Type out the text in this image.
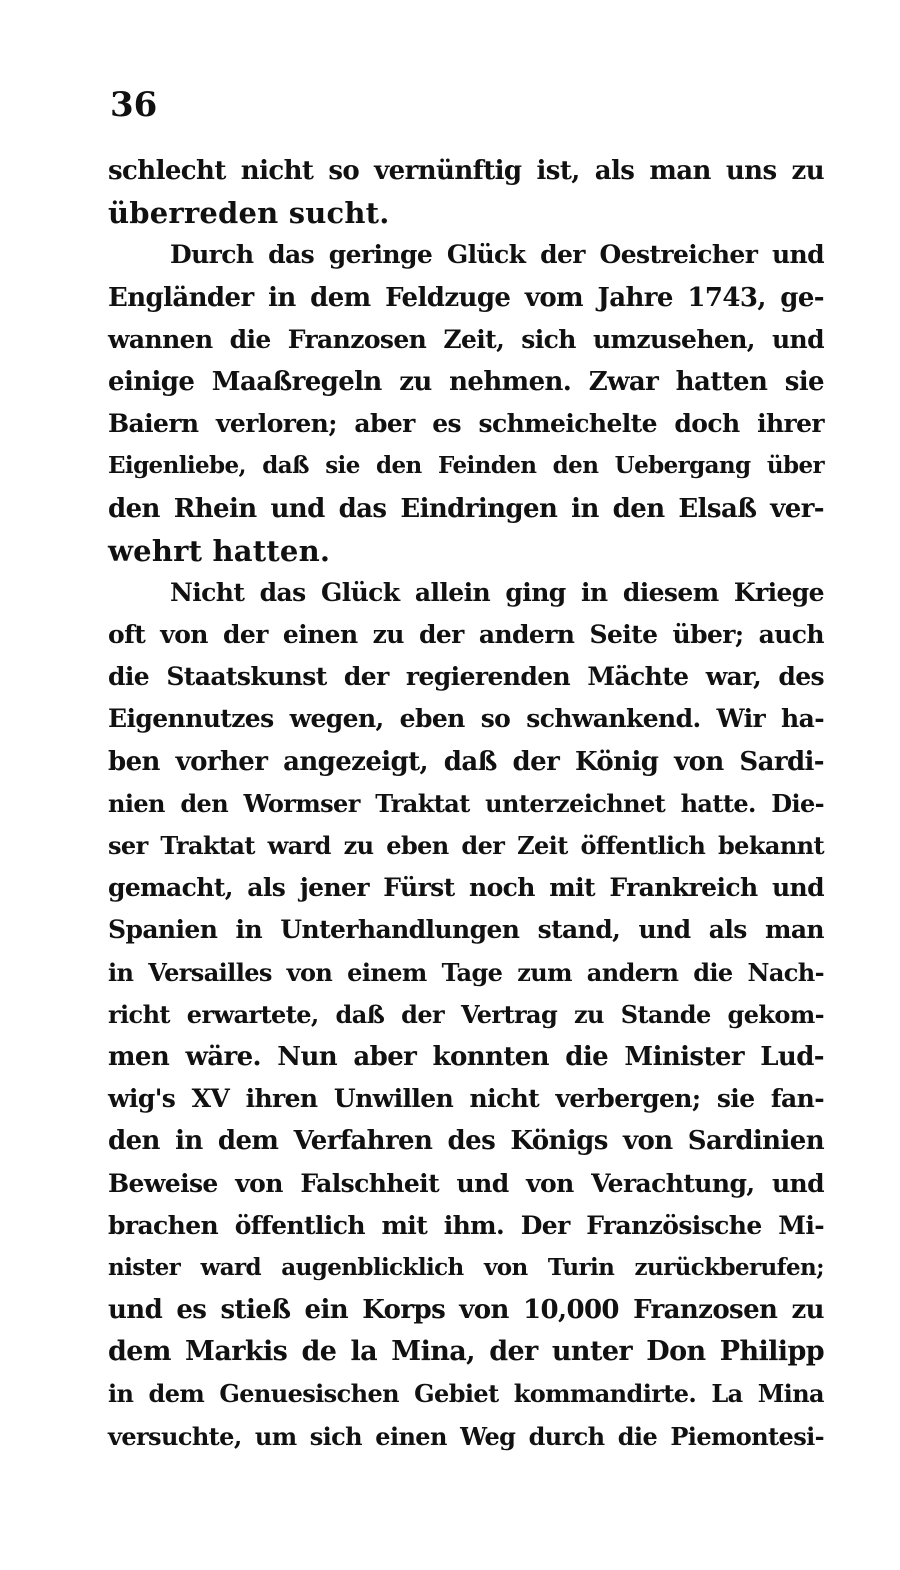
36
schlecht nicht so vernünftig ist, als man uns zu
überreden sucht.
Durch das geringe Glück der Oestreicher und
Engländer in dem Feldzuge vom Jahre 1743, ge-
wannen die Franzosen Zeit, sich umzusehen, und
einige Maaßregeln zu nehmen. Zwar hatten sie
Baiern verloren; aber es schmeichelte doch ihrer
Eigenliebe, daß sie den Feinden den Uebergang über
den Rhein und das Eindringen in den Elsaß ver-
wehrt hatten.
Nicht das Glück allein ging in diesem Kriege
oft von der einen zu der andern Seite über; auch
die Staatskunst der regierenden Mächte war, des
Eigennutzes wegen, eben so schwankend. Wir ha-
ben vorher angezeigt, daß der König von Sardi-
nien den Wormser Traktat unterzeichnet hatte. Die-
ser Traktat ward zu eben der Zeit öffentlich bekannt
gemacht, als jener Fürst noch mit Frankreich und
Spanien in Unterhandlungen stand, und als man
in Versailles von einem Tage zum andern die Nach-
richt erwartete, daß der Vertrag zu Stande gekom-
men wäre. Nun aber konnten die Minister Lud-
wig's XV ihren Unwillen nicht verbergen; sie fan-
den in dem Verfahren des Königs von Sardinien
Beweise von Falschheit und von Verachtung, und
brachen öffentlich mit ihm. Der Französische Mi-
nister ward augenblicklich von Turin zurückberufen;
und es stieß ein Korps von 10,000 Franzosen zu
dem Markis de la Mina, der unter Don Philipp
in dem Genuesischen Gebiet kommandirte. La Mina
versuchte, um sich einen Weg durch die Piemontesi-
